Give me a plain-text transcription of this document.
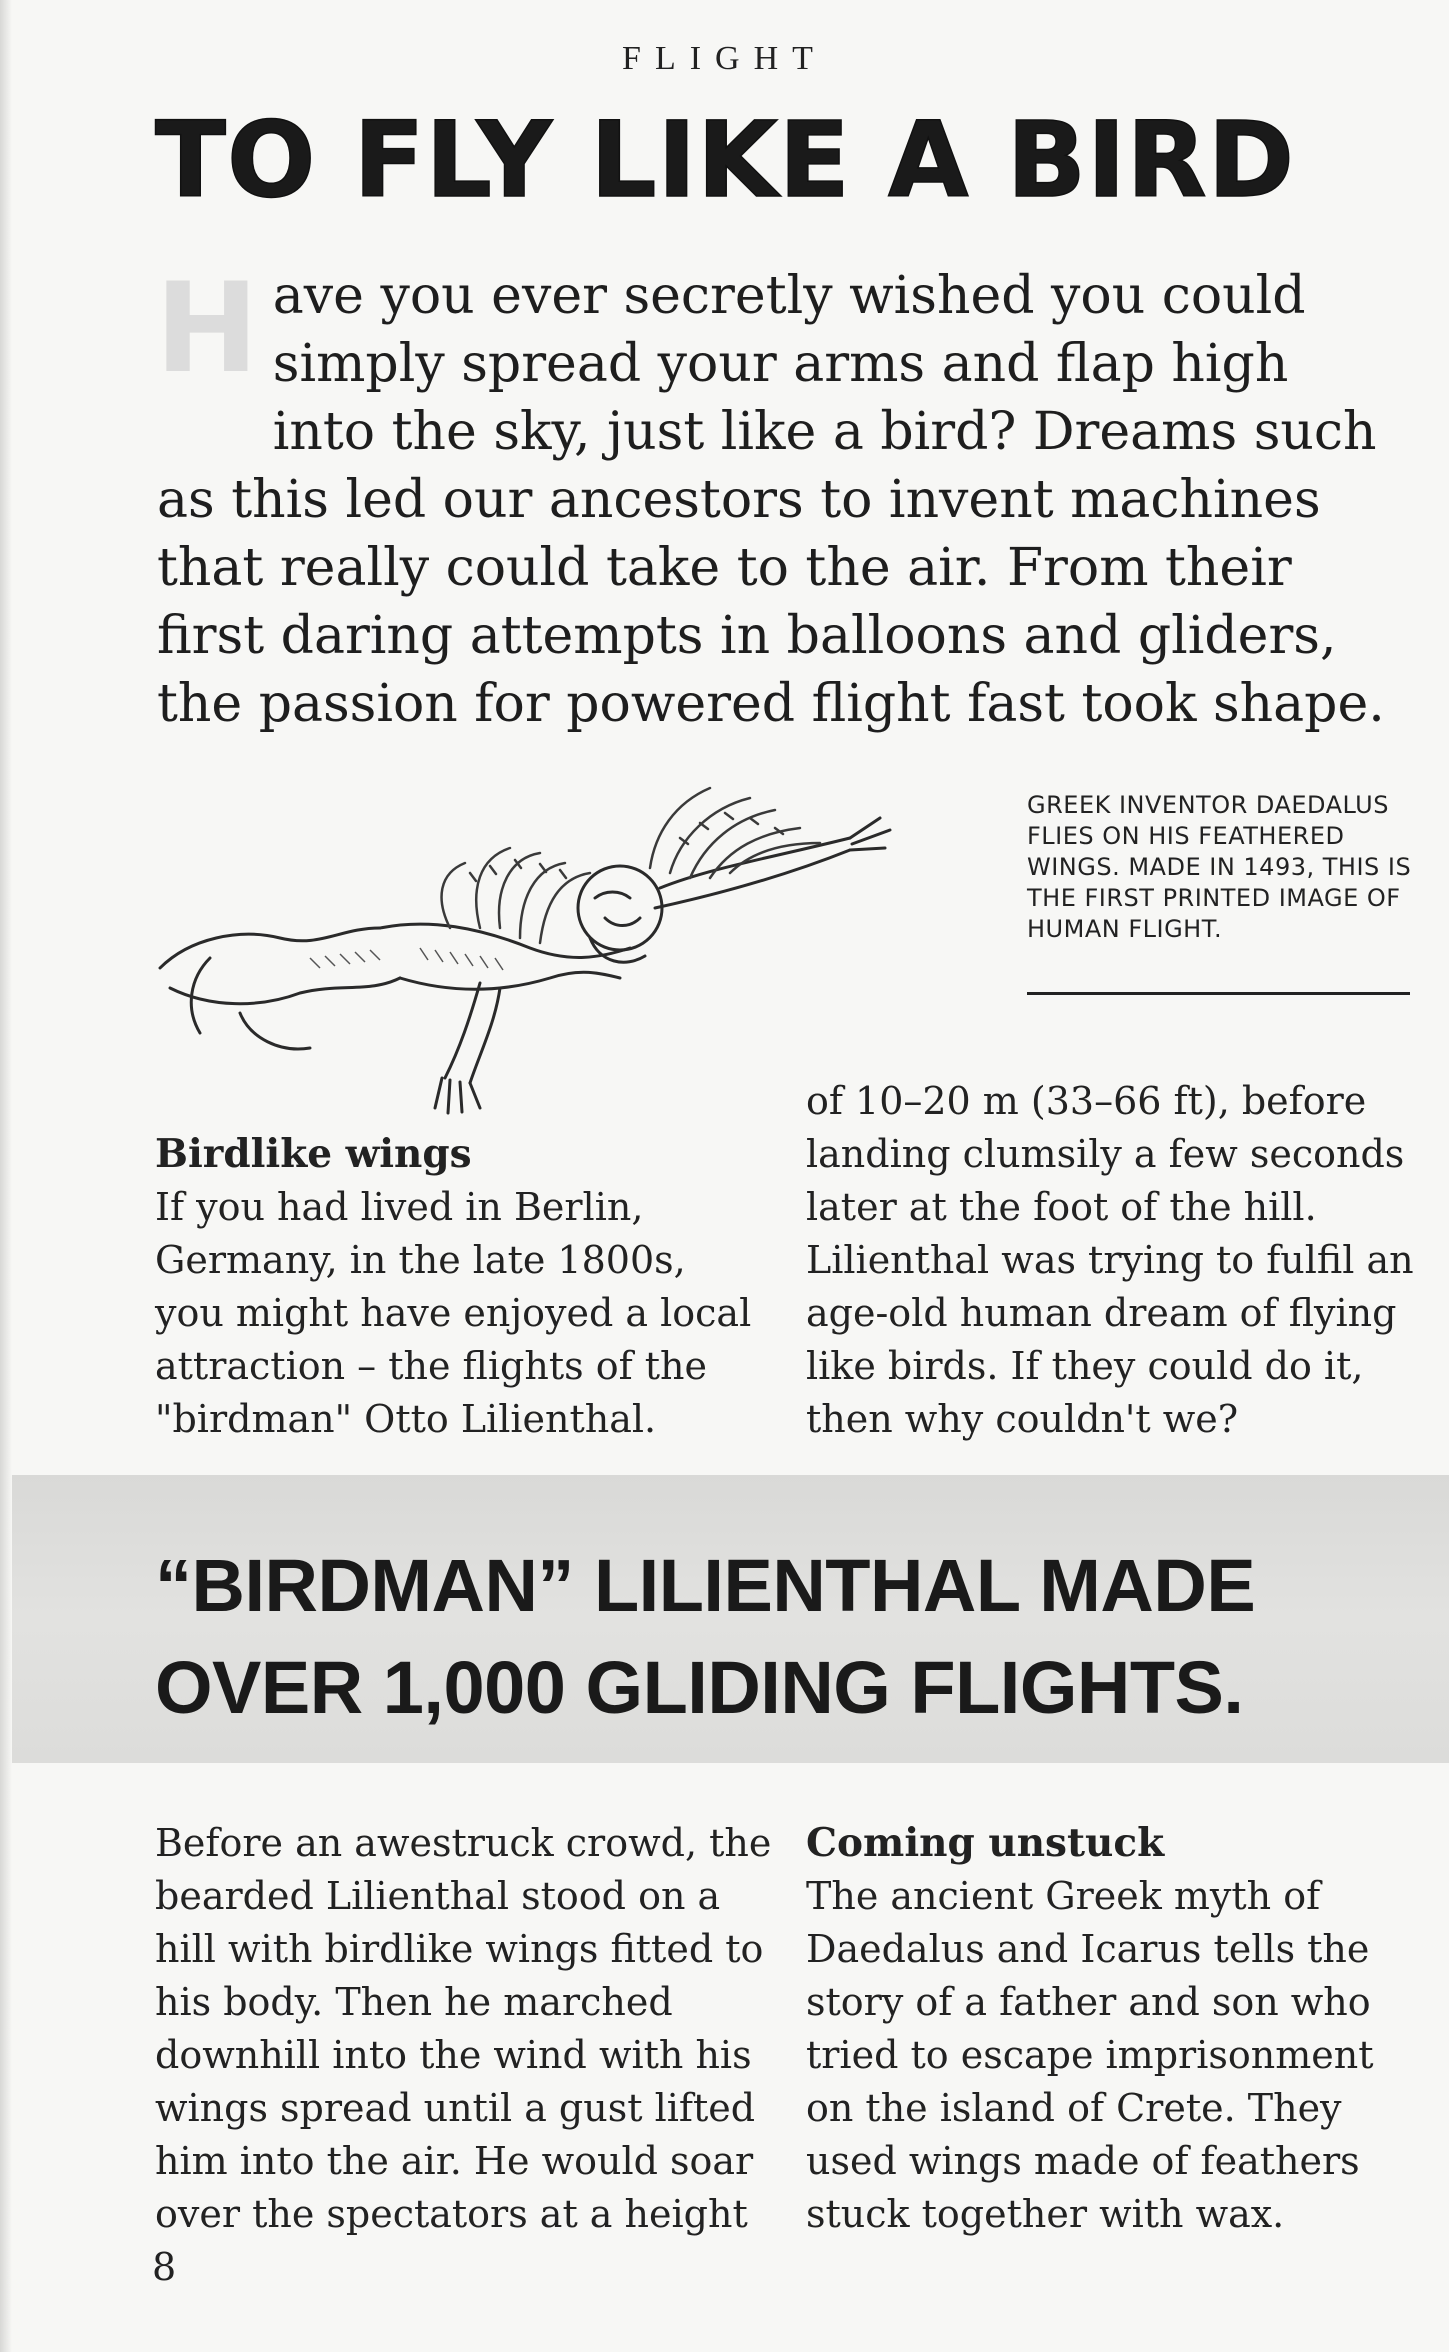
FLIGHT
TO FLY LIKE A BIRD
Have you ever secretly wished you could simply spread your arms and flap high into the sky, just like a bird? Dreams such as this led our ancestors to invent machines that really could take to the air. From their first daring attempts in balloons and gliders, the passion for powered flight fast took shape.
GREEK INVENTOR DAEDALUS FLIES ON HIS FEATHERED WINGS. MADE IN 1493, THIS IS THE FIRST PRINTED IMAGE OF HUMAN FLIGHT.
Birdlike wings
If you had lived in Berlin, Germany, in the late 1800s, you might have enjoyed a local attraction – the flights of the "birdman" Otto Lilienthal.
of 10–20 m (33–66 ft), before landing clumsily a few seconds later at the foot of the hill. Lilienthal was trying to fulfil an age-old human dream of flying like birds. If they could do it, then why couldn't we?

“BIRDMAN” LILIENTHAL MADE OVER 1,000 GLIDING FLIGHTS.

Before an awestruck crowd, the bearded Lilienthal stood on a hill with birdlike wings fitted to his body. Then he marched downhill into the wind with his wings spread until a gust lifted him into the air. He would soar over the spectators at a height
Coming unstuck
The ancient Greek myth of Daedalus and Icarus tells the story of a father and son who tried to escape imprisonment on the island of Crete. They used wings made of feathers stuck together with wax.
8
